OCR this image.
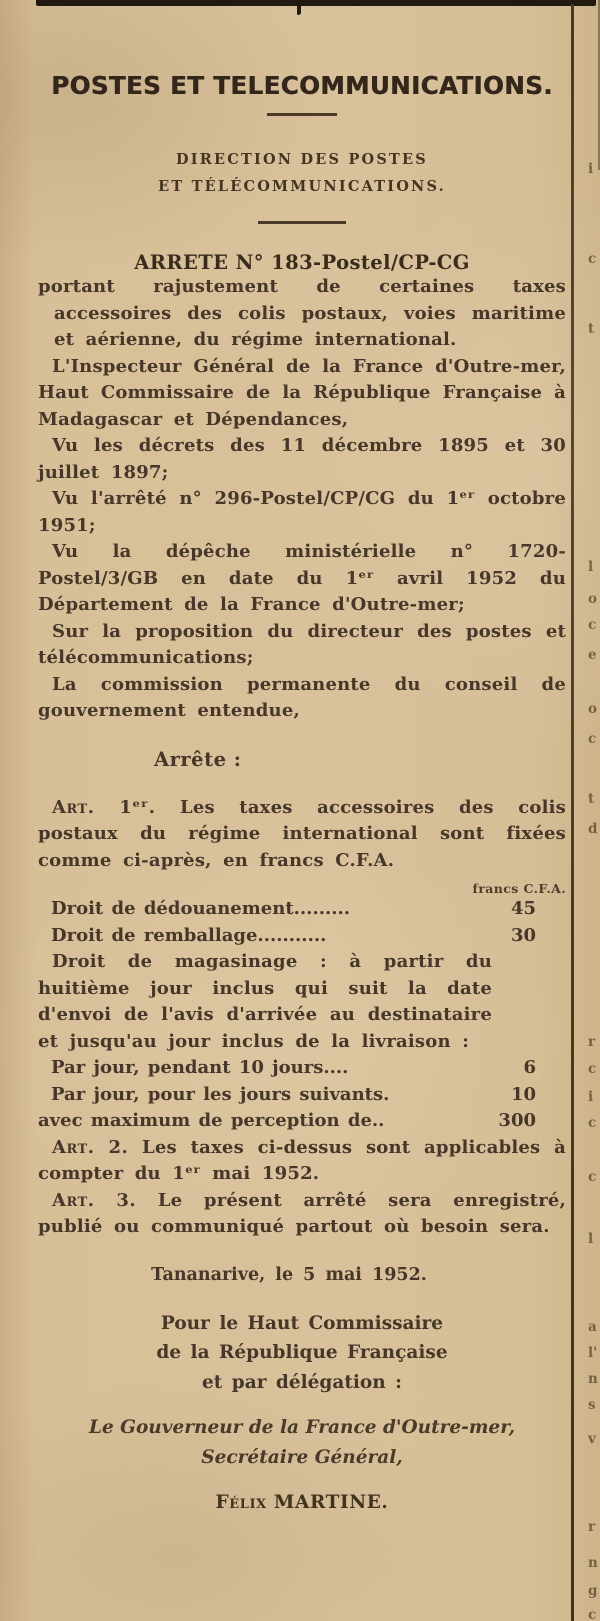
i
c
t
l
o
c
e
o
c
t
d
r
c
i
c
c
l
a
l'
n
s
v
r
n
g
c
POSTES ET TELECOMMUNICATIONS.
DIRECTION DES POSTES
ET TÉLÉCOMMUNICATIONS.
ARRETE N° 183-Postel/CP-CG

portant rajustement de certaines taxes accessoires des colis postaux, voies maritime et aérienne, du régime international.

L'Inspecteur Général de la France d'Outre-mer, Haut Commissaire de la République Française à Madagascar et Dépendances,

Vu les décrets des 11 décembre 1895 et 30 juillet 1897;

Vu l'arrêté n° 296-Postel/CP/CG du 1ᵉʳ octobre 1951;

Vu la dépêche ministérielle n° 1720-Postel/3/GB en date du 1ᵉʳ avril 1952 du Département de la France d'Outre-mer;

Sur la proposition du directeur des postes et télécommunications;

La commission permanente du conseil de gouvernement entendue,

Arrête :

Art. 1ᵉʳ. Les taxes accessoires des colis postaux du régime international sont fixées comme ci-après, en francs C.F.A.

francs C.F.A.
Droit de dédouanement.........	45
Droit de remballage...........	30

Droit de magasinage : à partir du huitième jour inclus qui suit la date d'envoi de l'avis d'arrivée au destinataire et jusqu'au jour inclus de la livraison :

Par jour, pendant 10 jours....	6
Par jour, pour les jours suivants.	10
avec maximum de perception de..	300

Art. 2. Les taxes ci-dessus sont applicables à compter du 1ᵉʳ mai 1952.

Art. 3. Le présent arrêté sera enregistré, publié ou communiqué partout où besoin sera.

Tananarive, le 5 mai 1952.
Pour le Haut Commissaire
de la République Française
et par délégation :
Le Gouverneur de la France d'Outre-mer,
Secrétaire Général,
Félix MARTINE.
